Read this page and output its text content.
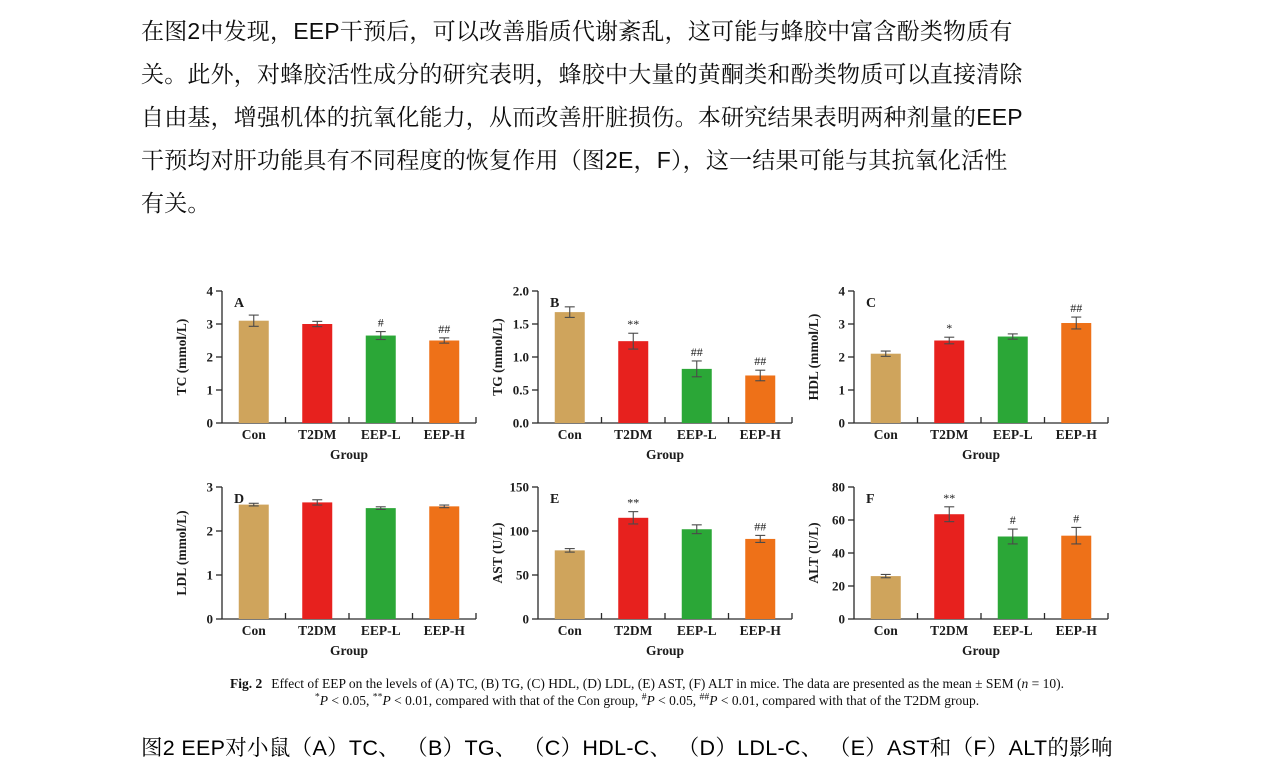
在图2中发现，EEP干预后，可以改善脂质代谢紊乱，这可能与蜂胶中富含酚类物质有
关。此外，对蜂胶活性成分的研究表明，蜂胶中大量的黄酮类和酚类物质可以直接清除
自由基，增强机体的抗氧化能力，从而改善肝脏损伤。本研究结果表明两种剂量的EEP
干预均对肝功能具有不同程度的恢复作用（图2E，F），这一结果可能与其抗氧化活性
有关。
0
1
2
3
4
Con T2DM
#
EEP-L
##
EEP-H
A
Group
TC (mmol/L)
0.0
0.5
1.0
1.5
2.0
Con
**
T2DM
##
EEP-L
##
EEP-H
B
Group
TG (mmol/L)
0
1
2
3
4
Con
*
T2DM EEP-L
##
EEP-H
C
Group
HDL (mmol/L)
0
1
2
3
Con T2DM EEP-L EEP-H
D
Group
LDL (mmol/L)
0
50
100
150
Con
**
T2DM EEP-L
##
EEP-H
E
Group
AST (U/L)
0
20
40
60
80
Con
**
T2DM
#
EEP-L
#
EEP-H
F
Group
ALT (U/L)
Fig. 2 Effect of EEP on the levels of (A) TC, (B) TG, (C) HDL, (D) LDL, (E) AST, (F) ALT in mice. The data are presented as the mean ± SEM (n = 10).
*P < 0.05, **P < 0.01, compared with that of the Con group, #P < 0.05, ##P < 0.01, compared with that of the T2DM group.
图2 EEP对小鼠（A）TC、 （B）TG、 （C）HDL-C、 （D）LDL-C、 （E）AST和（F）ALT的影响
